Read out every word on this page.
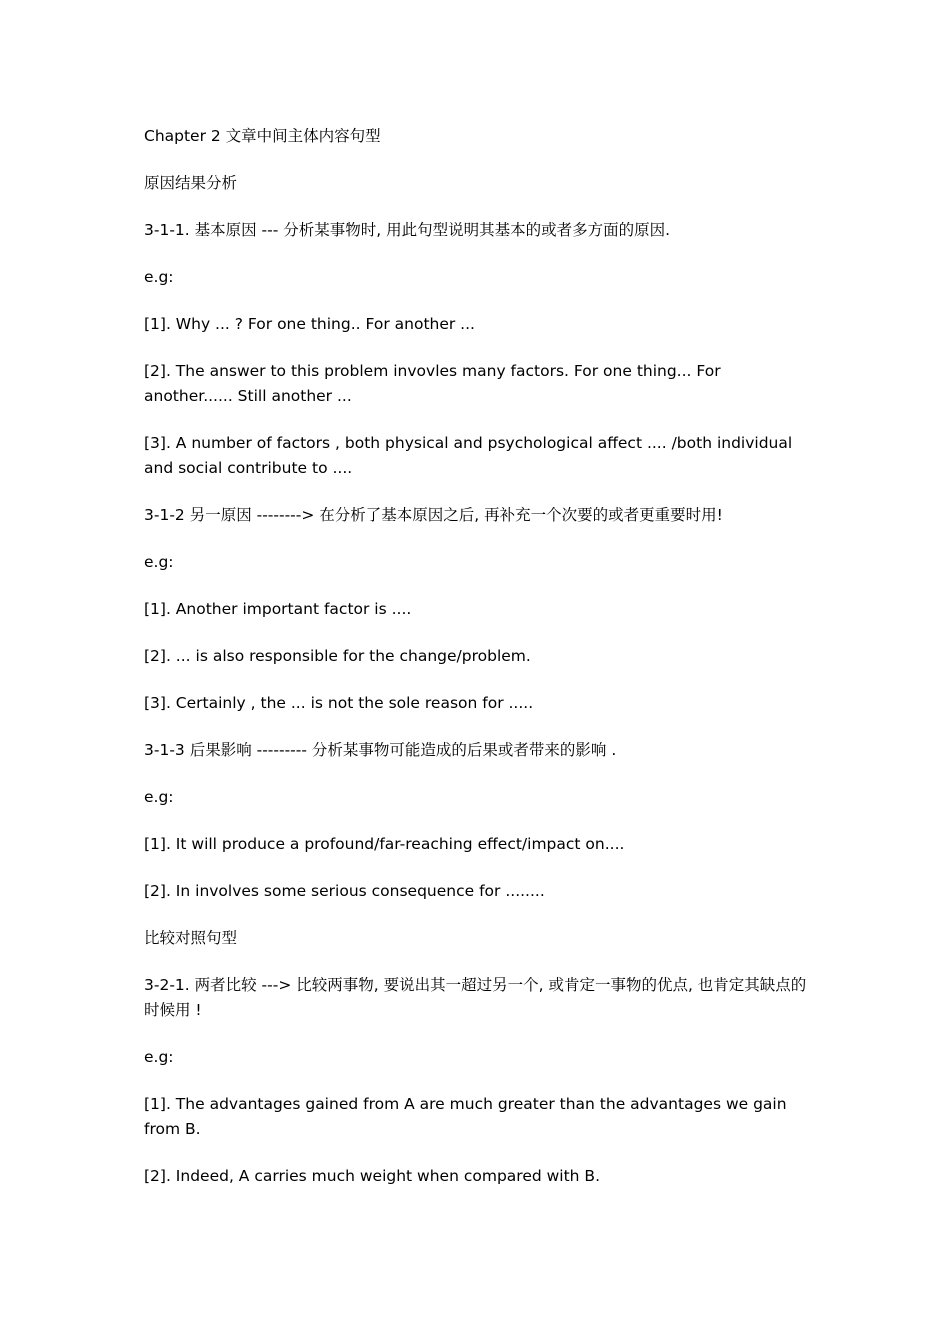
Chapter 2 文章中间主体内容句型

原因结果分析

3-1-1. 基本原因 --- 分析某事物时, 用此句型说明其基本的或者多方面的原因.

e.g:

[1]. Why ... ? For one thing.. For another ...

[2]. The answer to this problem invovles many factors. For one thing... For another...... Still another ...

[3]. A number of factors , both physical and psychological affect .... /both individual and social contribute to ....

3-1-2 另一原因 --------> 在分析了基本原因之后, 再补充一个次要的或者更重要时用!

e.g:

[1]. Another important factor is ....

[2]. ... is also responsible for the change/problem.

[3]. Certainly , the ... is not the sole reason for .....

3-1-3 后果影响 --------- 分析某事物可能造成的后果或者带来的影响 .

e.g:

[1]. It will produce a profound/far-reaching effect/impact on....

[2]. In involves some serious consequence for ........

比较对照句型

3-2-1. 两者比较 ---> 比较两事物, 要说出其一超过另一个, 或肯定一事物的优点, 也肯定其缺点的时候用 !

e.g:

[1]. The advantages gained from A are much greater than the advantages we gain from B.

[2]. Indeed, A carries much weight when compared with B.
